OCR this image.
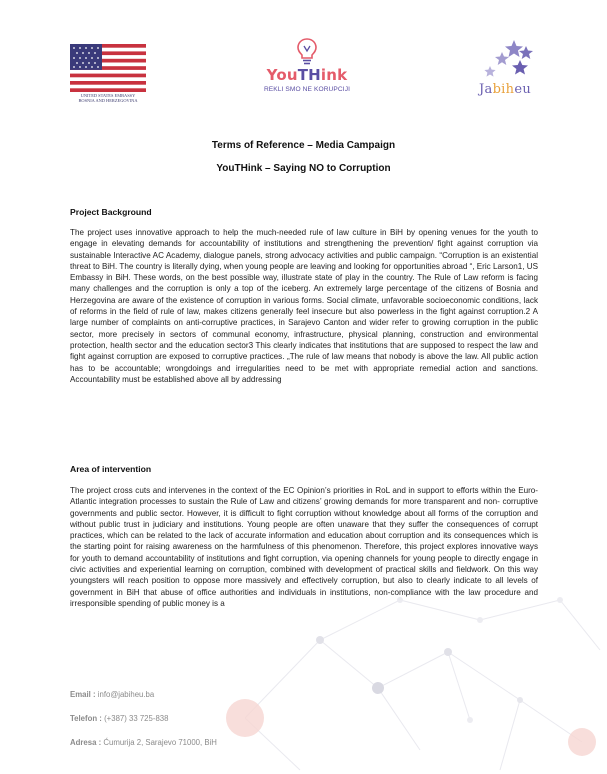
UNITED STATES EMBASSY
BOSNIA AND HERZEGOVINA
YouTHink
REKLI SMO NE KORUPCIJI	Jabiheu
Terms of Reference – Media Campaign
YouTHink – Saying NO to Corruption

Project Background

The project uses innovative approach to help the much-needed rule of law culture in BiH by opening venues for the youth to engage in elevating demands for accountability of institutions and strengthening the prevention/ fight against corruption via sustainable Interactive AC Academy, dialogue panels, strong advocacy activities and public campaign. “Corruption is an existential threat to BiH. The country is literally dying, when young people are leaving and looking for opportunities abroad “, Eric Larson1, US Embassy in BiH. These words, on the best possible way, illustrate state of play in the country. The Rule of Law reform is facing many challenges and the corruption is only a top of the iceberg. An extremely large percentage of the citizens of Bosnia and Herzegovina are aware of the existence of corruption in various forms. Social climate, unfavorable socioeconomic conditions, lack of reforms in the field of rule of law, makes citizens generally feel insecure but also powerless in the fight against corruption.2 A large number of complaints on anti-corruptive practices, in Sarajevo Canton and wider refer to growing corruption in the public sector, more precisely in sectors of communal economy, infrastructure, physical planning, construction and environmental protection, health sector and the education sector3 This clearly indicates that institutions that are supposed to respect the law and fight against corruption are exposed to corruptive practices. „The rule of law means that nobody is above the law. All public action has to be accountable; wrongdoings and irregularities need to be met with appropriate remedial action and sanctions. Accountability must be established above all by addressing

Area of intervention

The project cross cuts and intervenes in the context of the EC Opinion’s priorities in RoL and in support to efforts within the Euro- Atlantic integration processes to sustain the Rule of Law and citizens’ growing demands for more transparent and non- corruptive governments and public sector. However, it is difficult to fight corruption without knowledge about all forms of the corruption and without public trust in judiciary and institutions. Young people are often unaware that they suffer the consequences of corrupt practices, which can be related to the lack of accurate information and education about corruption and its consequences which is the starting point for raising awareness on the harmfulness of this phenomenon. Therefore, this project explores innovative ways for youth to demand accountability of institutions and fight corruption, via opening channels for young people to directly engage in civic activities and experiential learning on corruption, combined with development of practical skills and fieldwork. On this way youngsters will reach position to oppose more massively and effectively corruption, but also to clearly indicate to all levels of government in BiH that abuse of office authorities and individuals in institutions, non-compliance with the law procedure and irresponsible spending of public money is a

Email : info@jabiheu.ba
Telefon : (+387) 33 725-838
Adresa : Ćumurija 2, Sarajevo 71000, BiH
